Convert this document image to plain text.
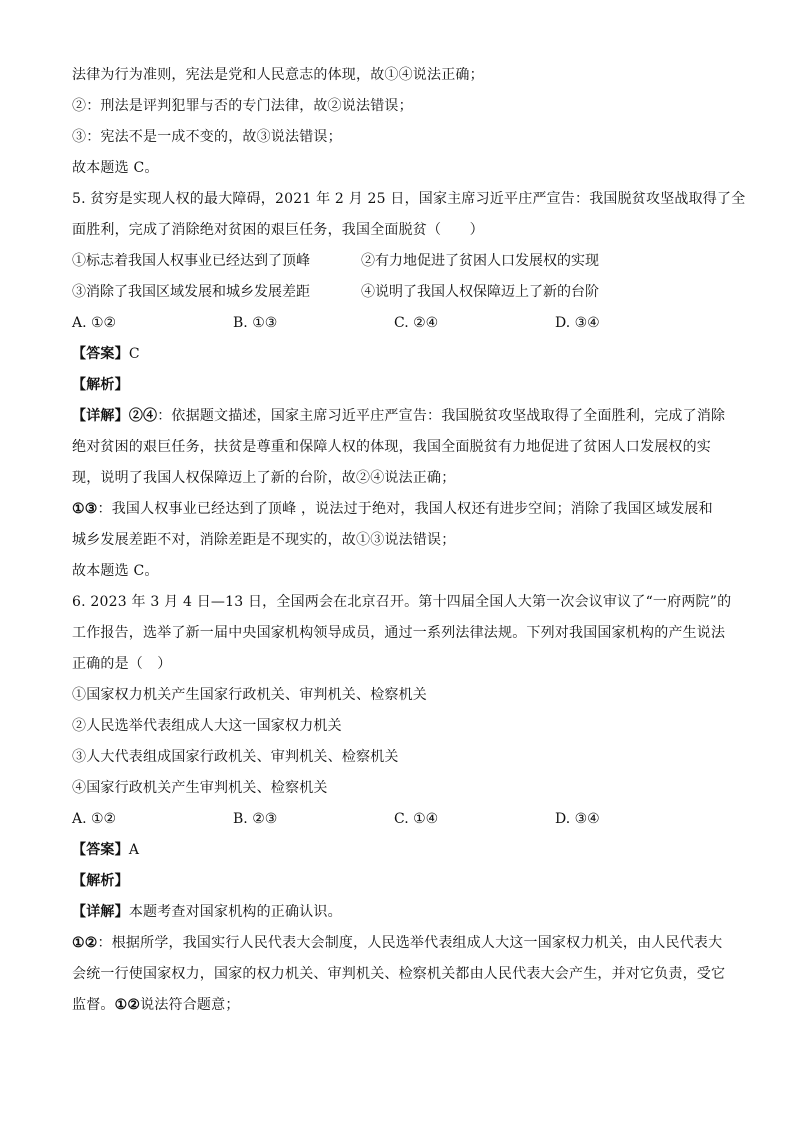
法律为行为准则，宪法是党和人民意志的体现，故①④说法正确；
②：刑法是评判犯罪与否的专门法律，故②说法错误；
③：宪法不是一成不变的，故③说法错误；
故本题选 C。
5. 贫穷是实现人权的最大障碍，2021 年 2 月 25 日，国家主席习近平庄严宣告：我国脱贫攻坚战取得了全
面胜利，完成了消除绝对贫困的艰巨任务，我国全面脱贫（　　）
①标志着我国人权事业已经达到了顶峰	②有力地促进了贫困人口发展权的实现
③消除了我国区域发展和城乡发展差距	④说明了我国人权保障迈上了新的台阶
A. ①②	B. ①③	C. ②④	D. ③④
【答案】C
【解析】
【详解】②④：依据题文描述，国家主席习近平庄严宣告：我国脱贫攻坚战取得了全面胜利，完成了消除
绝对贫困的艰巨任务，扶贫是尊重和保障人权的体现，我国全面脱贫有力地促进了贫困人口发展权的实
现，说明了我国人权保障迈上了新的台阶，故②④说法正确；
①③：我国人权事业已经达到了顶峰 ，说法过于绝对，我国人权还有进步空间；消除了我国区域发展和
城乡发展差距不对，消除差距是不现实的，故①③说法错误；
故本题选 C。
6. 2023 年 3 月 4 日—13 日，全国两会在北京召开。第十四届全国人大第一次会议审议了“一府两院”的
工作报告，选举了新一届中央国家机构领导成员，通过一系列法律法规。下列对我国国家机构的产生说法
正确的是（　）
①国家权力机关产生国家行政机关、审判机关、检察机关
②人民选举代表组成人大这一国家权力机关
③人大代表组成国家行政机关、审判机关、检察机关
④国家行政机关产生审判机关、检察机关
A. ①②	B. ②③	C. ①④	D. ③④
【答案】A
【解析】
【详解】本题考查对国家机构的正确认识。
①②：根据所学，我国实行人民代表大会制度，人民选举代表组成人大这一国家权力机关，由人民代表大
会统一行使国家权力，国家的权力机关、审判机关、检察机关都由人民代表大会产生，并对它负责，受它
监督。①②说法符合题意；
